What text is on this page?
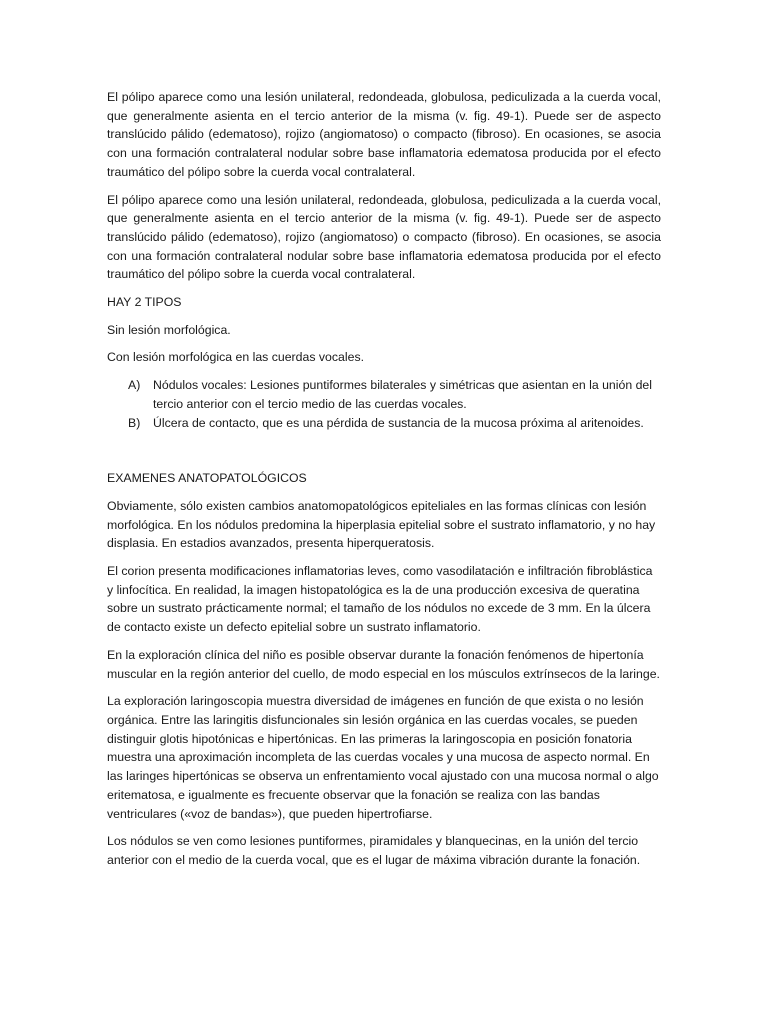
El pólipo aparece como una lesión unilateral, redondeada, globulosa, pediculizada a la cuerda vocal, que generalmente asienta en el tercio anterior de la misma (v. fig. 49-1). Puede ser de aspecto translúcido pálido (edematoso), rojizo (angiomatoso) o compacto (fibroso). En ocasiones, se asocia con una formación contralateral nodular sobre base inflamatoria edematosa producida por el efecto traumático del pólipo sobre la cuerda vocal contralateral.

El pólipo aparece como una lesión unilateral, redondeada, globulosa, pediculizada a la cuerda vocal, que generalmente asienta en el tercio anterior de la misma (v. fig. 49-1). Puede ser de aspecto translúcido pálido (edematoso), rojizo (angiomatoso) o compacto (fibroso). En ocasiones, se asocia con una formación contralateral nodular sobre base inflamatoria edematosa producida por el efecto traumático del pólipo sobre la cuerda vocal contralateral.

HAY 2 TIPOS

Sin lesión morfológica.

Con lesión morfológica en las cuerdas vocales.

A) Nódulos vocales: Lesiones puntiformes bilaterales y simétricas que asientan en la unión del tercio anterior con el tercio medio de las cuerdas vocales.
B) Úlcera de contacto, que es una pérdida de sustancia de la mucosa próxima al aritenoides.

EXAMENES ANATOPATOLÓGICOS

Obviamente, sólo existen cambios anatomopatológicos epiteliales en las formas clínicas con lesión morfológica. En los nódulos predomina la hiperplasia epitelial sobre el sustrato inflamatorio, y no hay displasia. En estadios avanzados, presenta hiperqueratosis.

El corion presenta modificaciones inflamatorias leves, como vasodilatación e infiltración fibroblástica y linfocítica. En realidad, la imagen histopatológica es la de una producción excesiva de queratina sobre un sustrato prácticamente normal; el tamaño de los nódulos no excede de 3 mm. En la úlcera de contacto existe un defecto epitelial sobre un sustrato inflamatorio.

En la exploración clínica del niño es posible observar durante la fonación fenómenos de hipertonía muscular en la región anterior del cuello, de modo especial en los músculos extrínsecos de la laringe.

La exploración laringoscopia muestra diversidad de imágenes en función de que exista o no lesión orgánica. Entre las laringitis disfuncionales sin lesión orgánica en las cuerdas vocales, se pueden distinguir glotis hipotónicas e hipertónicas. En las primeras la laringoscopia en posición fonatoria muestra una aproximación incompleta de las cuerdas vocales y una mucosa de aspecto normal. En las laringes hipertónicas se observa un enfrentamiento vocal ajustado con una mucosa normal o algo eritematosa, e igualmente es frecuente observar que la fonación se realiza con las bandas ventriculares («voz de bandas»), que pueden hipertrofiarse.

Los nódulos se ven como lesiones puntiformes, piramidales y blanquecinas, en la unión del tercio anterior con el medio de la cuerda vocal, que es el lugar de máxima vibración durante la fonación.
